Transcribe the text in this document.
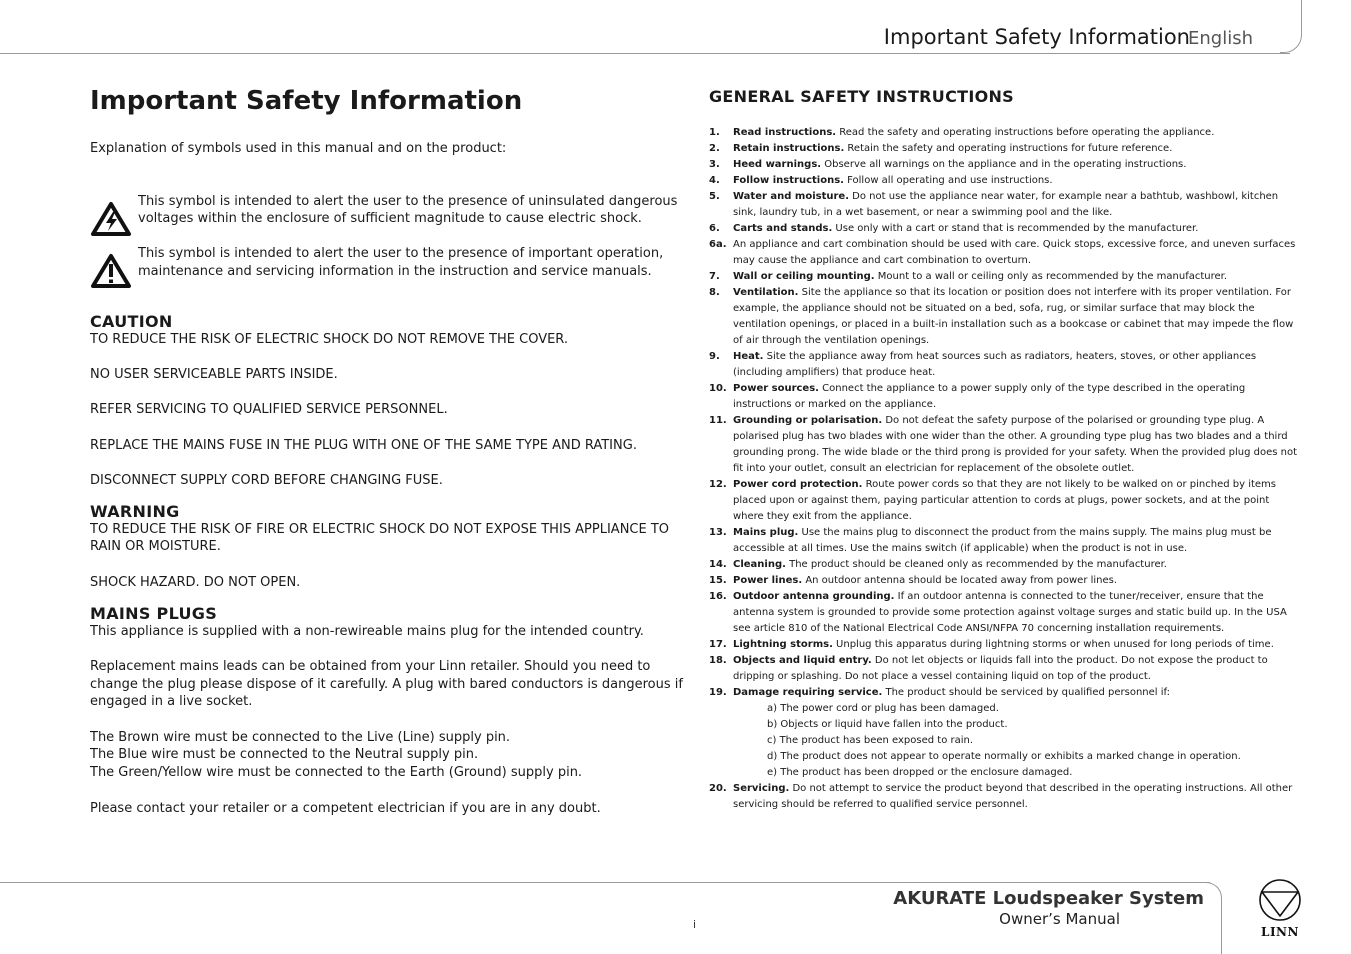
Important Safety Information
English
Important Safety Information

Explanation of symbols used in this manual and on the product:

This symbol is intended to alert the user to the presence of uninsulated dangerous voltages within the enclosure of sufficient magnitude to cause electric shock.

This symbol is intended to alert the user to the presence of important operation, maintenance and servicing information in the instruction and service manuals.

CAUTION

TO REDUCE THE RISK OF ELECTRIC SHOCK DO NOT REMOVE THE COVER.

NO USER SERVICEABLE PARTS INSIDE.

REFER SERVICING TO QUALIFIED SERVICE PERSONNEL.

REPLACE THE MAINS FUSE IN THE PLUG WITH ONE OF THE SAME TYPE AND RATING.

DISCONNECT SUPPLY CORD BEFORE CHANGING FUSE.

WARNING

TO REDUCE THE RISK OF FIRE OR ELECTRIC SHOCK DO NOT EXPOSE THIS APPLIANCE TO RAIN OR MOISTURE.

SHOCK HAZARD. DO NOT OPEN.

MAINS PLUGS

This appliance is supplied with a non-rewireable mains plug for the intended country.

Replacement mains leads can be obtained from your Linn retailer. Should you need to change the plug please dispose of it carefully. A plug with bared conductors is dangerous if engaged in a live socket.

The Brown wire must be connected to the Live (Line) supply pin.

The Blue wire must be connected to the Neutral supply pin.

The Green/Yellow wire must be connected to the Earth (Ground) supply pin.

Please contact your retailer or a competent electrician if you are in any doubt.

GENERAL SAFETY INSTRUCTIONS
1. Read instructions. Read the safety and operating instructions before operating the appliance.
2. Retain instructions. Retain the safety and operating instructions for future reference.
3. Heed warnings. Observe all warnings on the appliance and in the operating instructions.
4. Follow instructions. Follow all operating and use instructions.
5. Water and moisture. Do not use the appliance near water, for example near a bathtub, washbowl, kitchen sink, laundry tub, in a wet basement, or near a swimming pool and the like.
6. Carts and stands. Use only with a cart or stand that is recommended by the manufacturer.
6a. An appliance and cart combination should be used with care. Quick stops, excessive force, and uneven surfaces may cause the appliance and cart combination to overturn.
7. Wall or ceiling mounting. Mount to a wall or ceiling only as recommended by the manufacturer.
8. Ventilation. Site the appliance so that its location or position does not interfere with its proper ventilation. For example, the appliance should not be situated on a bed, sofa, rug, or similar surface that may block the ventilation openings, or placed in a built-in installation such as a bookcase or cabinet that may impede the flow of air through the ventilation openings.
9. Heat. Site the appliance away from heat sources such as radiators, heaters, stoves, or other appliances (including amplifiers) that produce heat.
10. Power sources. Connect the appliance to a power supply only of the type described in the operating instructions or marked on the appliance.
11. Grounding or polarisation. Do not defeat the safety purpose of the polarised or grounding type plug. A polarised plug has two blades with one wider than the other. A grounding type plug has two blades and a third grounding prong. The wide blade or the third prong is provided for your safety. When the provided plug does not fit into your outlet, consult an electrician for replacement of the obsolete outlet.
12. Power cord protection. Route power cords so that they are not likely to be walked on or pinched by items placed upon or against them, paying particular attention to cords at plugs, power sockets, and at the point where they exit from the appliance.
13. Mains plug. Use the mains plug to disconnect the product from the mains supply. The mains plug must be accessible at all times. Use the mains switch (if applicable) when the product is not in use.
14. Cleaning. The product should be cleaned only as recommended by the manufacturer.
15. Power lines. An outdoor antenna should be located away from power lines.
16. Outdoor antenna grounding. If an outdoor antenna is connected to the tuner/receiver, ensure that the antenna system is grounded to provide some protection against voltage surges and static build up. In the USA see article 810 of the National Electrical Code ANSI/NFPA 70 concerning installation requirements.
17. Lightning storms. Unplug this apparatus during lightning storms or when unused for long periods of time.
18. Objects and liquid entry. Do not let objects or liquids fall into the product. Do not expose the product to dripping or splashing. Do not place a vessel containing liquid on top of the product.
19. Damage requiring service. The product should be serviced by qualified personnel if:
a) The power cord or plug has been damaged.
b) Objects or liquid have fallen into the product.
c) The product has been exposed to rain.
d) The product does not appear to operate normally or exhibits a marked change in operation.
e) The product has been dropped or the enclosure damaged.
20. Servicing. Do not attempt to service the product beyond that described in the operating instructions. All other servicing should be referred to qualified service personnel.
AKURATE Loudspeaker System
Owner’s Manual
i
LINN
